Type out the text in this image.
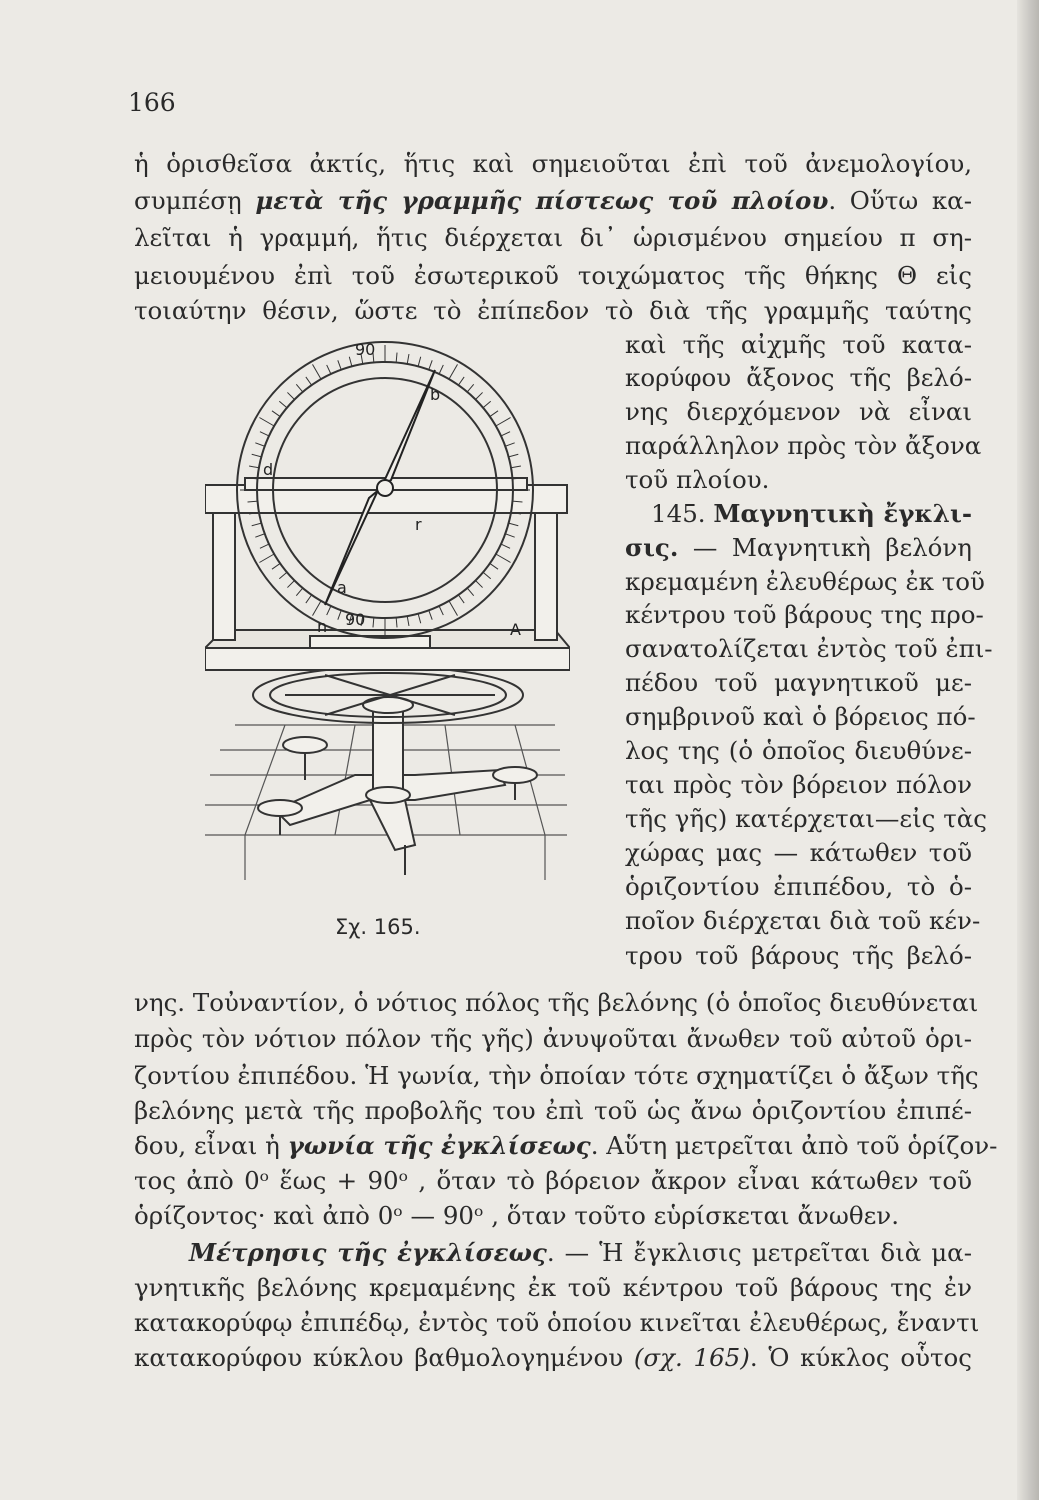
166
ἡ ὁρισθεῖσα ἀκτίς, ἥτις καὶ σημειοῦται ἐπὶ τοῦ ἀνεμολογίου,
συμπέσῃ μετὰ τῆς γραμμῆς πίστεως τοῦ πλοίου. Οὕτω κα-
λεῖται ἡ γραμμή, ἥτις διέρχεται δι᾽ ὡρισμένου σημείου π ση-
μειουμένου ἐπὶ τοῦ ἐσωτερικοῦ τοιχώματος τῆς θήκης Θ εἰς
τοιαύτην θέσιν, ὥστε τὸ ἐπίπεδον τὸ διὰ τῆς γραμμῆς ταύτης
καὶ τῆς αἰχμῆς τοῦ κατα-
κορύφου ἄξονος τῆς βελό-
νης διερχόμενον νὰ εἶναι
παράλληλον πρὸς τὸν ἄξονα
τοῦ πλοίου.
145. Μαγνητικὴ ἔγκλι-
σις. — Μαγνητικὴ βελόνη
κρεμαμένη ἐλευθέρως ἐκ τοῦ
κέντρου τοῦ βάρους της προ-
σανατολίζεται ἐντὸς τοῦ ἐπι-
πέδου τοῦ μαγνητικοῦ με-
σημβρινοῦ καὶ ὁ βόρειος πό-
λος της (ὁ ὁποῖος διευθύνε-
ται πρὸς τὸν βόρειον πόλον
τῆς γῆς) κατέρχεται—εἰς τὰς
χώρας μας — κάτωθεν τοῦ
ὁριζοντίου ἐπιπέδου, τὸ ὁ-
ποῖον διέρχεται διὰ τοῦ κέν-
τρου τοῦ βάρους τῆς βελό-
90
90
b
d
r
a
n	A
Σχ. 165.
νης. Τοὐναντίον, ὁ νότιος πόλος τῆς βελόνης (ὁ ὁποῖος διευθύνεται
πρὸς τὸν νότιον πόλον τῆς γῆς) ἀνυψοῦται ἄνωθεν τοῦ αὐτοῦ ὁρι-
ζοντίου ἐπιπέδου. Ἡ γωνία, τὴν ὁποίαν τότε σχηματίζει ὁ ἄξων τῆς
βελόνης μετὰ τῆς προβολῆς του ἐπὶ τοῦ ὡς ἄνω ὁριζοντίου ἐπιπέ-
δου, εἶναι ἡ γωνία τῆς ἐγκλίσεως. Αὕτη μετρεῖται ἀπὸ τοῦ ὁρίζον-
τος ἀπὸ 0ᵒ ἕως + 90ᵒ , ὅταν τὸ βόρειον ἄκρον εἶναι κάτωθεν τοῦ
ὁρίζοντος· καὶ ἀπὸ 0ᵒ — 90ᵒ , ὅταν τοῦτο εὑρίσκεται ἄνωθεν.
Μέτρησις τῆς ἐγκλίσεως. — Ἡ ἔγκλισις μετρεῖται διὰ μα-
γνητικῆς βελόνης κρεμαμένης ἐκ τοῦ κέντρου τοῦ βάρους της ἐν
κατακορύφῳ ἐπιπέδῳ, ἐντὸς τοῦ ὁποίου κινεῖται ἐλευθέρως, ἔναντι
κατακορύφου κύκλου βαθμολογημένου (σχ. 165). Ὁ κύκλος οὗτος
